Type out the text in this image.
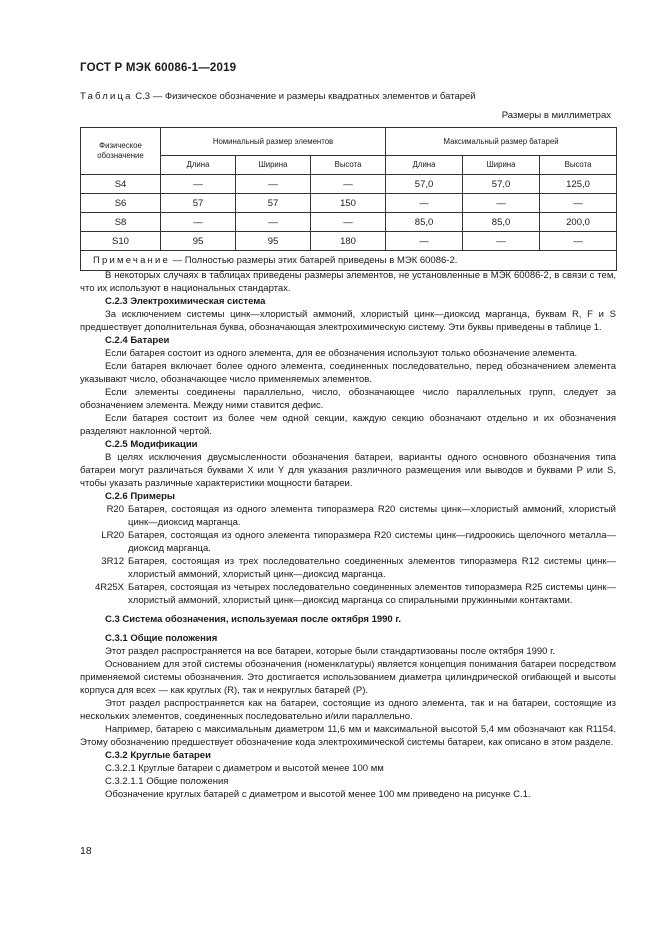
ГОСТ Р МЭК 60086-1—2019
Таблица C.3 — Физическое обозначение и размеры квадратных элементов и батарей
Размеры в миллиметрах
Физическое обозначение	Номинальный размер элементов			Максимальный размер батарей		
	Длина	Ширина	Высота	Длина	Ширина	Высота
S4	—	—	—	57,0	57,0	125,0
S6	57	57	150	—	—	—
S8	—	—	—	85,0	85,0	200,0
S10	95	95	180	—	—	—
Примечание — Полностью размеры этих батарей приведены в МЭК 60086-2.						

В некоторых случаях в таблицах приведены размеры элементов, не установленные в МЭК 60086-2, в связи с тем, что их используют в национальных стандартах.

C.2.3 Электрохимическая система

За исключением системы цинк—хлористый аммоний, хлористый цинк—диоксид марганца, буквам R, F и S предшествует дополнительная буква, обозначающая электрохимическую систему. Эти буквы приведены в таблице 1.

C.2.4 Батареи

Если батарея состоит из одного элемента, для ее обозначения используют только обозначение элемента.

Если батарея включает более одного элемента, соединенных последовательно, перед обозначением элемента указывают число, обозначающее число применяемых элементов.

Если элементы соединены параллельно, число, обозначающее число параллельных групп, следует за обозначением элемента. Между ними ставится дефис.

Если батарея состоит из более чем одной секции, каждую секцию обозначают отдельно и их обозначения разделяют наклонной чертой.

C.2.5 Модификации

В целях исключения двусмысленности обозначения батареи, варианты одного основного обозначения типа батареи могут различаться буквами X или Y для указания различного размещения или выводов и буквами P или S, чтобы указать различные характеристики мощности батареи.

C.2.6 Примеры

R20 Батарея, состоящая из одного элемента типоразмера R20 системы цинк—хлористый аммоний, хлористый цинк—диоксид марганца.
LR20 Батарея, состоящая из одного элемента типоразмера R20 системы цинк—гидроокись щелочного металла—диоксид марганца.
3R12 Батарея, состоящая из трех последовательно соединенных элементов типоразмера R12 системы цинк—хлористый аммоний, хлористый цинк—диоксид марганца.
4R25X Батарея, состоящая из четырех последовательно соединенных элементов типоразмера R25 системы цинк—хлористый аммоний, хлористый цинк—диоксид марганца со спиральными пружинными контактами.

C.3 Система обозначения, используемая после октября 1990 г.

C.3.1 Общие положения

Этот раздел распространяется на все батареи, которые были стандартизованы после октября 1990 г.

Основанием для этой системы обозначения (номенклатуры) является концепция понимания батареи посредством применяемой системы обозначения. Это достигается использованием диаметра цилиндрической огибающей и высоты корпуса для всех — как круглых (R), так и некруглых батарей (P).

Этот раздел распространяется как на батареи, состоящие из одного элемента, так и на батареи, состоящие из нескольких элементов, соединенных последовательно и/или параллельно.

Например, батарею с максимальным диаметром 11,6 мм и максимальной высотой 5,4 мм обозначают как R1154. Этому обозначению предшествует обозначение кода электрохимической системы батареи, как описано в этом разделе.

C.3.2 Круглые батареи

C.3.2.1 Круглые батареи с диаметром и высотой менее 100 мм

C.3.2.1.1 Общие положения

Обозначение круглых батарей с диаметром и высотой менее 100 мм приведено на рисунке C.1.

18
